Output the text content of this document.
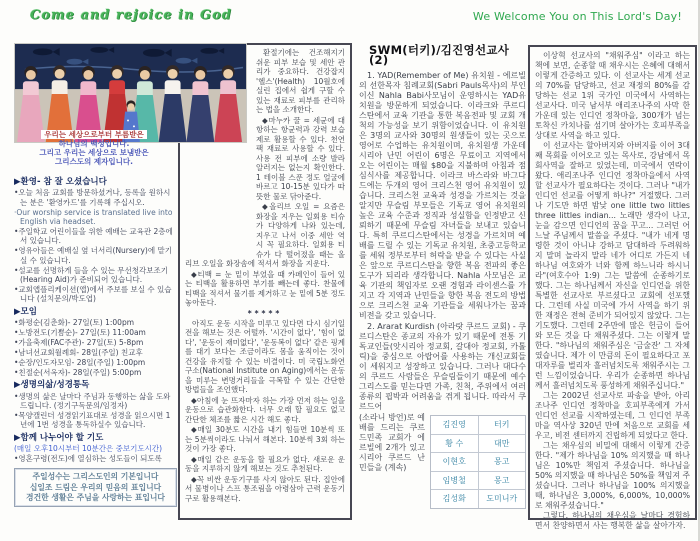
Come and rejoice in God	We Welcome You on This Lord's Day!
우리는 세상으로부터 부름받은
하나님의 백성입니다.
그리고 우리는 세상으로 보냄받은
그리스도의 제자입니다.
▶환영- 참 잘 오셨습니다
•오늘 처음 교회를 방문하셨거나, 등록을 원하시는 분은 '환영카드'를 기록해 주십시오.
·Our worship service is translated live into English via headset.
•주일학교 어린이들을 위한 예배는 교육관 2층에서 있습니다.
•영유아들은 예배실 옆 너서리(Nursery)에 맡기실 수 있습니다.
•설교를 선명하게 들을 수 있는 무선청각보조기(Hearing Aid)가 준비되어 있습니다.
•교회앱플리케이션(앱)에서 주보를 보실 수 있습니다 (설치문의/박도엽)
▶모임
•화평순(김춘화)- 27일(토) 1:00pm
•노방전도(기쁨순)- 27일(토) 11:00am
•가을축제(FAC주관)- 27일(토) 5-8pm
•남녀선교회월례회- 28일(주일) 친교후
•순장/인도자모임- 28일(주일) 1:00pm
•친절순(서옥자)- 28일(주일) 5:00pm
▶생명의삶/성경통독
•생명의 삶은 날마다 주님과 동행하는 삶을 도와드립니다. (정기구독문의/임정자)
•목양캘린더 성경읽기표대로 성경을 읽으시면 1년에 1번 성경을 통독하실수 있습니다.
▶함께 나누어야 할 기도
(매일 오후10시부터 10분간은 중보기도시간)
•영혼구령(전도)에 열심하는 성도들이 되도록
주일성수는 그리스도인의 기본입니다
십일조 드림은 우리의 믿음의 표입니다
경건한 생활은 주님을 사랑하는 표입니다

환절기에는 건조해지기 쉬운 피부 보습 및 세안 관리가 중요하다. 건강잡지 '헬스'(Health) 10월호에 실린 집에서 쉽게 구할 수 있는 재료로 피부를 관리하는 법을 소개한다.

◆마누카 꿀 = 세균에 대항하는 항균력과 강력 보습제로 활용할 수 있다. 천연 팩 재료로 사용할 수 있다. 사용 전 피부에 소량 발라 알러지는 없는지 확인한다. 1 테이블 스푼 정도 얼굴에 바르고 10-15분 있다가 따뜻한 물로 닦아준다.

◆올리브 오일 = 요즘은 화장을 지우는 일회용 티슈가 다양하게 나와 있는데, 지우고 나서 이중 세안 역시 꼭 필요하다. 일회용 티슈가 다 떨어졌을 때는 올리브 오일을 화장솜에 적셔서 화장을 지운다.

◆티백 = 눈 밑이 부었을 때 카페인이 들어 있는 티백을 활용하면 부기를 빼는데 좋다. 찬물에 티백을 적셔서 물기를 제거하고 눈 밑에 5분 정도 놓아둔다.

*****

아직도 운동 시작을 미루고 있다면 다시 심기일전을 해보는 것은 어떨까. '시간이 없다', '힘이 없다', '운동이 재미없다', '운동복이 없다' 같은 핑계를 대기 보다는 조금이라도 몸을 움직이는 것이 건강을 유지할 수 있는 비결이다. 미 국립노화연구소(National Institute on Aging)에서는 운동을 미루는 변명거리들을 극복할 수 있는 간단한 방법들을 조언했다.

◆아침에 눈 뜨자마자 하는 가장 먼저 하는 일을 운동으로 습관화한다. 너무 오래 할 필요도 없고 간단한 체조를 짧은 시간 해도 좋다.

◆매일 30분도 시간을 내기 힘들면 10분씩 또는 5분씩이라도 나눠서 해본다. 10분씩 3회 하는 것이 가장 좋다.

◆매일 같은 운동을 할 필요가 없다. 새로운 운동을 지루하지 않게 해보는 것도 추천된다.

◆꼭 비싼 운동기구를 사지 않아도 된다. 집안에서 물병이나 스프 통조림을 아령삼아 근력 운동기구로 활용해본다.

SWM(터키)/김진영선교사(2)

1. YAD(Remember of Me) 유치원 - 에르빌의 선한목자 침례교회(Sabri Pauls목사)의 부인이신 Nahla Babi사모님이 운영하시는 YAD유치원을 방문하게 되었습니다. 이라크와 쿠르디스탄에서 교육 기관을 통한 복음전파 및 교회 개척의 가능성을 보기 위함이었습니다. 이 유치원은 3명의 교사와 30명의 원생들이 있는 곳으로 영어로 수업하는 유치원이며, 유치원생 가운데 시리아 난민 어린이 6명은 무료이고 지역에서 오는 어린이는 매월 $80을 지불하며 아침과 점심식사를 제공합니다. 이라크 바스라와 바그다드에는 두개의 영어 크리스천 영어 유치원이 있습니다. 크리스천 교육과 성경을 가르치는 것을 알지만 무슬림 부모들은 기독교 영어 유치원의 높은 교육 수준과 정직과 성실함을 인정받고 신뢰하기 때문에 무슬림 자녀들을 보내고 있습니다. 특히 쿠르디스탄에서는 성경을 가르치며 예배를 드릴 수 있는 기독교 유치원, 초중고등학교를 세워 정부로부터 허락을 받을 수 있다는 사실은 앞으로 쿠르디스탄을 향한 복음 전파의 좋은 도구가 되리라 생각합니다. Nahla 사모님은 교육 기관의 책임자로 오랜 경험과 라이센스를 가지고 각 지역과 난민들을 향한 복음 전도의 방법으로 크리스천 교육 기관들을 세워나가는 꿈과 비전을 갖고 있습니다.

2. Ararat Kurdish (아라랏 쿠르드 교회) - 쿠르디스탄은 종교의 자유가 있기 때문에 전통 기독교인들(앗시리아 정교회, 갈대아 정교회, 카톨릭)을 중심으로 아랍어를 사용하는 개신교회들이 세워지고 성장하고 있습니다. 그러나 대다수의 쿠르드 사람들은 무슬림들이기 때문에 예수 그리스도를 믿는다면 가족, 친척, 주위에서 여러 종류의 핍박과 어려움을 겪게 됩니다. 따라서 쿠르드어

김진영	터키
황 수	대만
이현호	몽고
임병철	몽고
김성화	도미니카

(소라니 방언)로 예배를 드리는 쿠르드민족 교회가 에르빌에 2개가 있고 시리아 쿠르드 난민들을 (계속)

이상혁 선교사의 "채워주심" 이라고 하는 책에 보면, 순종할 때 채우시는 은혜에 대해서 이렇게 간증하고 있다. 이 선교사는 세계 선교의 70%를 담당하고, 선교 재정의 80%를 감당하는 선교 1위 국가인 미국에서 사역하는 선교사다. 미국 남서부 애리조나주의 사막 한가운데 있는 인디언 정착마을, 300개가 넘는 토착신 카치나를 섬기며 살아가는 호피부족을 상대로 사역을 하고 있다.

이 선교사는 할아버지와 아버지를 이어 3대째 목회를 이어오고 있는 목사로, 강남에서 목회사역을 잘하고 있었는데, 미국에서 연락이 왔다. 애리조나주 인디언 정착마을에서 사역할 선교사가 필요하다는 것이다. 그러나 "내가 인디언 선교를 어떻게 하나?" 거절했다. 그러나 기도만 하면 밤낮 one little two littles three littles indian... 노래만 생각이 나고, 눈을 감으면 인디언의 꿈을 꾸고... 그러던 어느날 주님께서 말씀을 주셨다. "내가 네게 명령한 것이 아니냐 강하고 담대하라 두려워하지 말며 놀라지 말라 네가 어디로 가든지 네 하나님 여호와가 너와 함께 하느니라 하시니라"(여호수아 1:9) 그는 말씀에 순종하기로 했다. 그는 하나님께서 자신을 인디언을 위한 특별한 선교사로 부르셨다고 교회에 선포했다. 그런데 사실 미국에 가서 사역을 하기 위한 재정은 전혀 준비가 되어있지 않았다. 그는 기도했다. 그런데 2주만에 많은 헌금이 들어와 모든 것을 다 채워주셨다. 그는 이렇게 말한다. "하나님의 채워주심은 '금술잔' 그 자체였습니다. 제가 이 만큼의 돈이 필요하다고 포대자루를 벌리자 흘러넘치도록 채워주시는 그런 느낌이었습니다. 우리가 순종하면 하나님께서 흘러넘치도록 풍성하게 채워주십니다."

그는 2002년 선교사로 파송을 받아, 아리조나주 인디언 정착마을 호피부족에게 가서 인디언 선교를 시작하였는데, 그 인디언 부족마을 역사상 320년 만에 처음으로 교회를 세우고, 비전 센터까지 건립하게 되었다고 한다.

그는 채우심의 비밀에 대해서 이렇게 간증한다. "제가 하나님을 10% 의지했을 때 하나님은 10%만 책임져 주셨습니다. 하나님을 50% 의지했을 때 하나님은 50%를 책임져 주셨습니다. 그러나 하나님을 100% 의지했을 때, 하나님은 3,000%, 6,000%, 10,000%로 채워주셨습니다."

그렇다. 하나님의 채우심을 날마다 경험하면서 찬양하면서 사는 행복한 삶을 살아가자.
